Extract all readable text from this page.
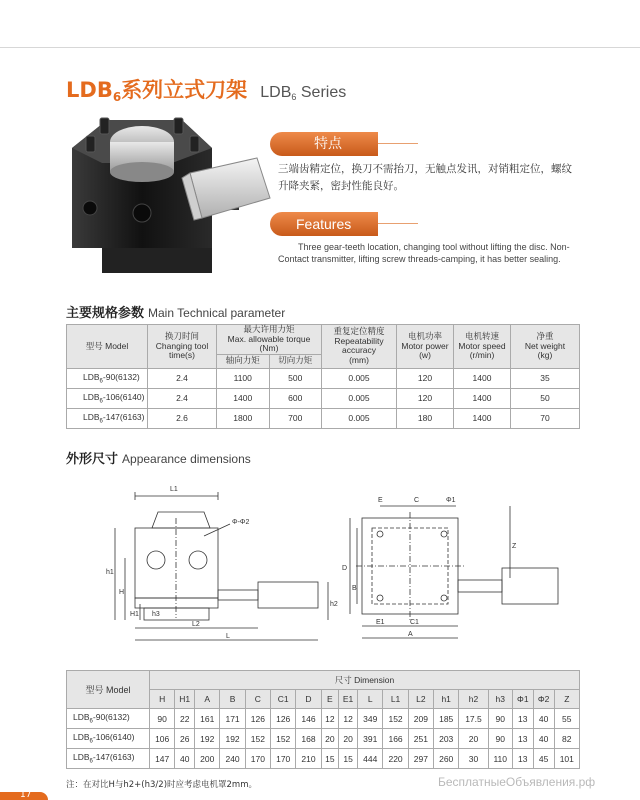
$LDB_6$系列立式刀架 $LDB_6$ Series
特点
三端齿精定位，换刀不需抬刀，无触点发讯，对销粗定位，螺纹升降夹紧，密封性能良好。
Features
Three gear-teeth location, changing tool without lifting the disc. Non-Contact transmitter, lifting screw threads-camping, it has better sealing.
主要规格参数 Main Technical parameter
型号 Model	换刀时间
Changing tool
time(s)	最大许用力矩
Max. allowable torque
(Nm)		重复定位精度
Repeatability
accuracy
(mm)	电机功率
Motor power
(w)	电机转速
Motor speed
(r/min)	净重
Net weight
(kg)
		轴向力矩	切向力矩				
$LDB_6-90(6132)$	2.4	1100	500	0.005	120	1400	35
$LDB_6-106(6140)$	2.4	1400	600	0.005	120	1400	50
$LDB_6-147(6163)$	2.6	1800	700	0.005	180	1400	70
外形尺寸 Appearance dimensions
L1
h1
H
H1 h3
h2
L2
L
Φ-Φ2
E	C	Φ1
D
B
Z
E1	C1
A
型号 Model	尺寸 Dimension																	
	H	H1	A	B	C	C1	D	E	E1	L	L1	L2	h1	h2	h3	Φ1	Φ2	Z
$LDB_6-90(6132)$	90	22	161	171	126	126	146	12	12	349	152	209	185	17.5	90	13	40	55
$LDB_6-106(6140)$	106	26	192	192	152	152	168	20	20	391	166	251	203	20	90	13	40	82
$LDB_6-147(6163)$	147	40	200	240	170	170	210	15	15	444	220	297	260	30	110	13	45	101
注：在对比H与h2+(h3/2)时应考虑电机罩2mm。	БесплатныеОбъявления.рф
17
